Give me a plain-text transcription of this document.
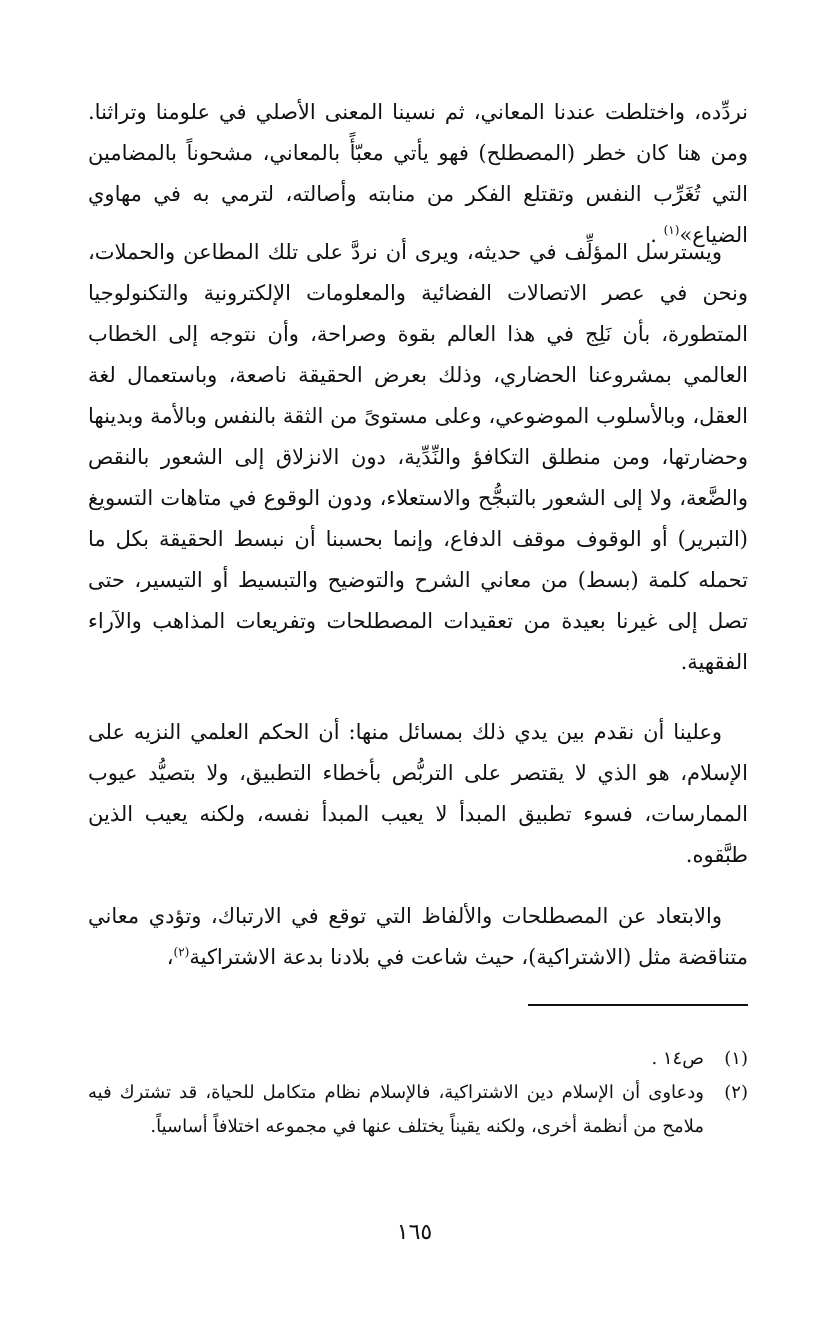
نردِّده، واختلطت عندنا المعاني، ثم نسينا المعنى الأصلي في علومنا وتراثنا. ومن هنا كان خطر (المصطلح) فهو يأتي معبّأً بالمعاني، مشحوناً بالمضامين التي تُغَرِّب النفس وتقتلع الفكر من منابته وأصالته، لترمي به في مهاوي الضياع»$^{(١)}$ .

ويسترسل المؤلِّف في حديثه، ويرى أن نردَّ على تلك المطاعن والحملات، ونحن في عصر الاتصالات الفضائية والمعلومات الإلكترونية والتكنولوجيا المتطورة، بأن نَلِج في هذا العالم بقوة وصراحة، وأن نتوجه إلى الخطاب العالمي بمشروعنا الحضاري، وذلك بعرض الحقيقة ناصعة، وباستعمال لغة العقل، وبالأسلوب الموضوعي، وعلى مستوىً من الثقة بالنفس وبالأمة وبدينها وحضارتها، ومن منطلق التكافؤ والنِّدِّية، دون الانزلاق إلى الشعور بالنقص والضَّعة، ولا إلى الشعور بالتبجُّح والاستعلاء، ودون الوقوع في متاهات التسويغ (التبرير) أو الوقوف موقف الدفاع، وإنما بحسبنا أن نبسط الحقيقة بكل ما تحمله كلمة (بسط) من معاني الشرح والتوضيح والتبسيط أو التيسير، حتى تصل إلى غيرنا بعيدة من تعقيدات المصطلحات وتفريعات المذاهب والآراء الفقهية.

وعلينا أن نقدم بين يدي ذلك بمسائل منها: أن الحكم العلمي النزيه على الإسلام، هو الذي لا يقتصر على التربُّص بأخطاء التطبيق، ولا بتصيُّد عيوب الممارسات، فسوء تطبيق المبدأ لا يعيب المبدأ نفسه، ولكنه يعيب الذين طبَّقوه.

والابتعاد عن المصطلحات والألفاظ التي توقع في الارتباك، وتؤدي معاني متناقضة مثل (الاشتراكية)، حيث شاعت في بلادنا بدعة الاشتراكية$^{(٢)}$،

(١)
ص١٤ .
(٢)
ودعاوى أن الإسلام دين الاشتراكية، فالإسلام نظام متكامل للحياة، قد تشترك فيه ملامح من أنظمة أخرى، ولكنه يقيناً يختلف عنها في مجموعه اختلافاً أساسياً.
١٦٥
